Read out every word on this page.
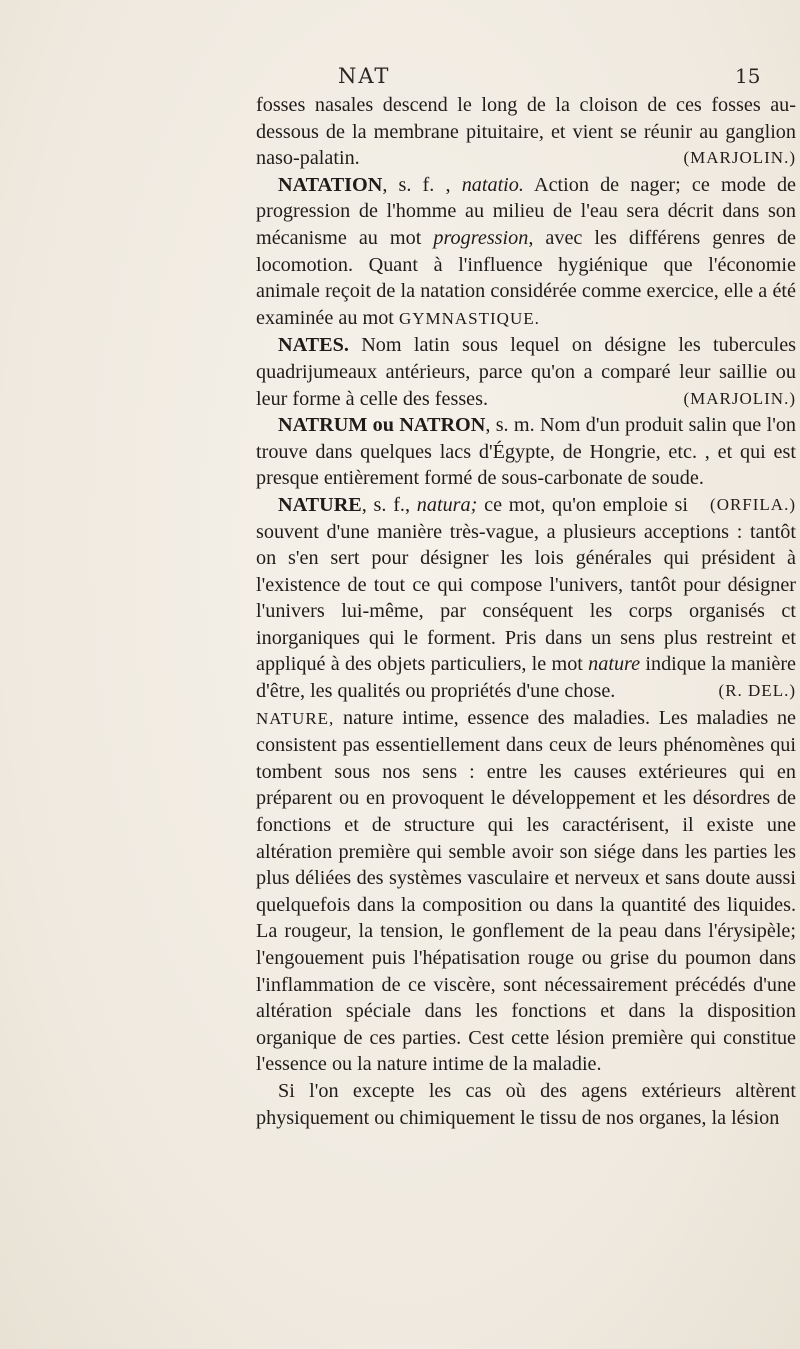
NAT	15

fosses nasales descend le long de la cloison de ces fosses au-dessous de la membrane pituitaire, et vient se réunir au ganglion naso-palatin.	(MARJOLIN.)

NATATION, s. f. , natatio. Action de nager; ce mode de progression de l'homme au milieu de l'eau sera décrit dans son mécanisme au mot progression, avec les différens genres de locomotion. Quant à l'influence hygiénique que l'économie animale reçoit de la natation considérée comme exercice, elle a été examinée au mot GYMNASTIQUE.

NATES. Nom latin sous lequel on désigne les tubercules quadrijumeaux antérieurs, parce qu'on a comparé leur saillie ou leur forme à celle des fesses.	(MARJOLIN.)

NATRUM ou NATRON, s. m. Nom d'un produit salin que l'on trouve dans quelques lacs d'Égypte, de Hongrie, etc. , et qui est presque entièrement formé de sous-carbonate de soude.
(ORFILA.)

NATURE, s. f., natura; ce mot, qu'on emploie si souvent d'une manière très-vague, a plusieurs acceptions : tantôt on s'en sert pour désigner les lois générales qui président à l'existence de tout ce qui compose l'univers, tantôt pour désigner l'univers lui-même, par conséquent les corps organisés ct inorganiques qui le forment. Pris dans un sens plus restreint et appliqué à des objets particuliers, le mot nature indique la manière d'être, les qualités ou propriétés d'une chose.	(R. DEL.)

NATURE, nature intime, essence des maladies. Les maladies ne consistent pas essentiellement dans ceux de leurs phénomènes qui tombent sous nos sens : entre les causes extérieures qui en préparent ou en provoquent le développement et les désordres de fonctions et de structure qui les caractérisent, il existe une altération première qui semble avoir son siége dans les parties les plus déliées des systèmes vasculaire et nerveux et sans doute aussi quelquefois dans la composition ou dans la quantité des liquides. La rougeur, la tension, le gonflement de la peau dans l'érysipèle; l'engouement puis l'hépatisation rouge ou grise du poumon dans l'inflammation de ce viscère, sont nécessairement précédés d'une altération spéciale dans les fonctions et dans la disposition organique de ces parties. Cest cette lésion première qui constitue l'essence ou la nature intime de la maladie.

Si l'on excepte les cas où des agens extérieurs altèrent physiquement ou chimiquement le tissu de nos organes, la lésion
